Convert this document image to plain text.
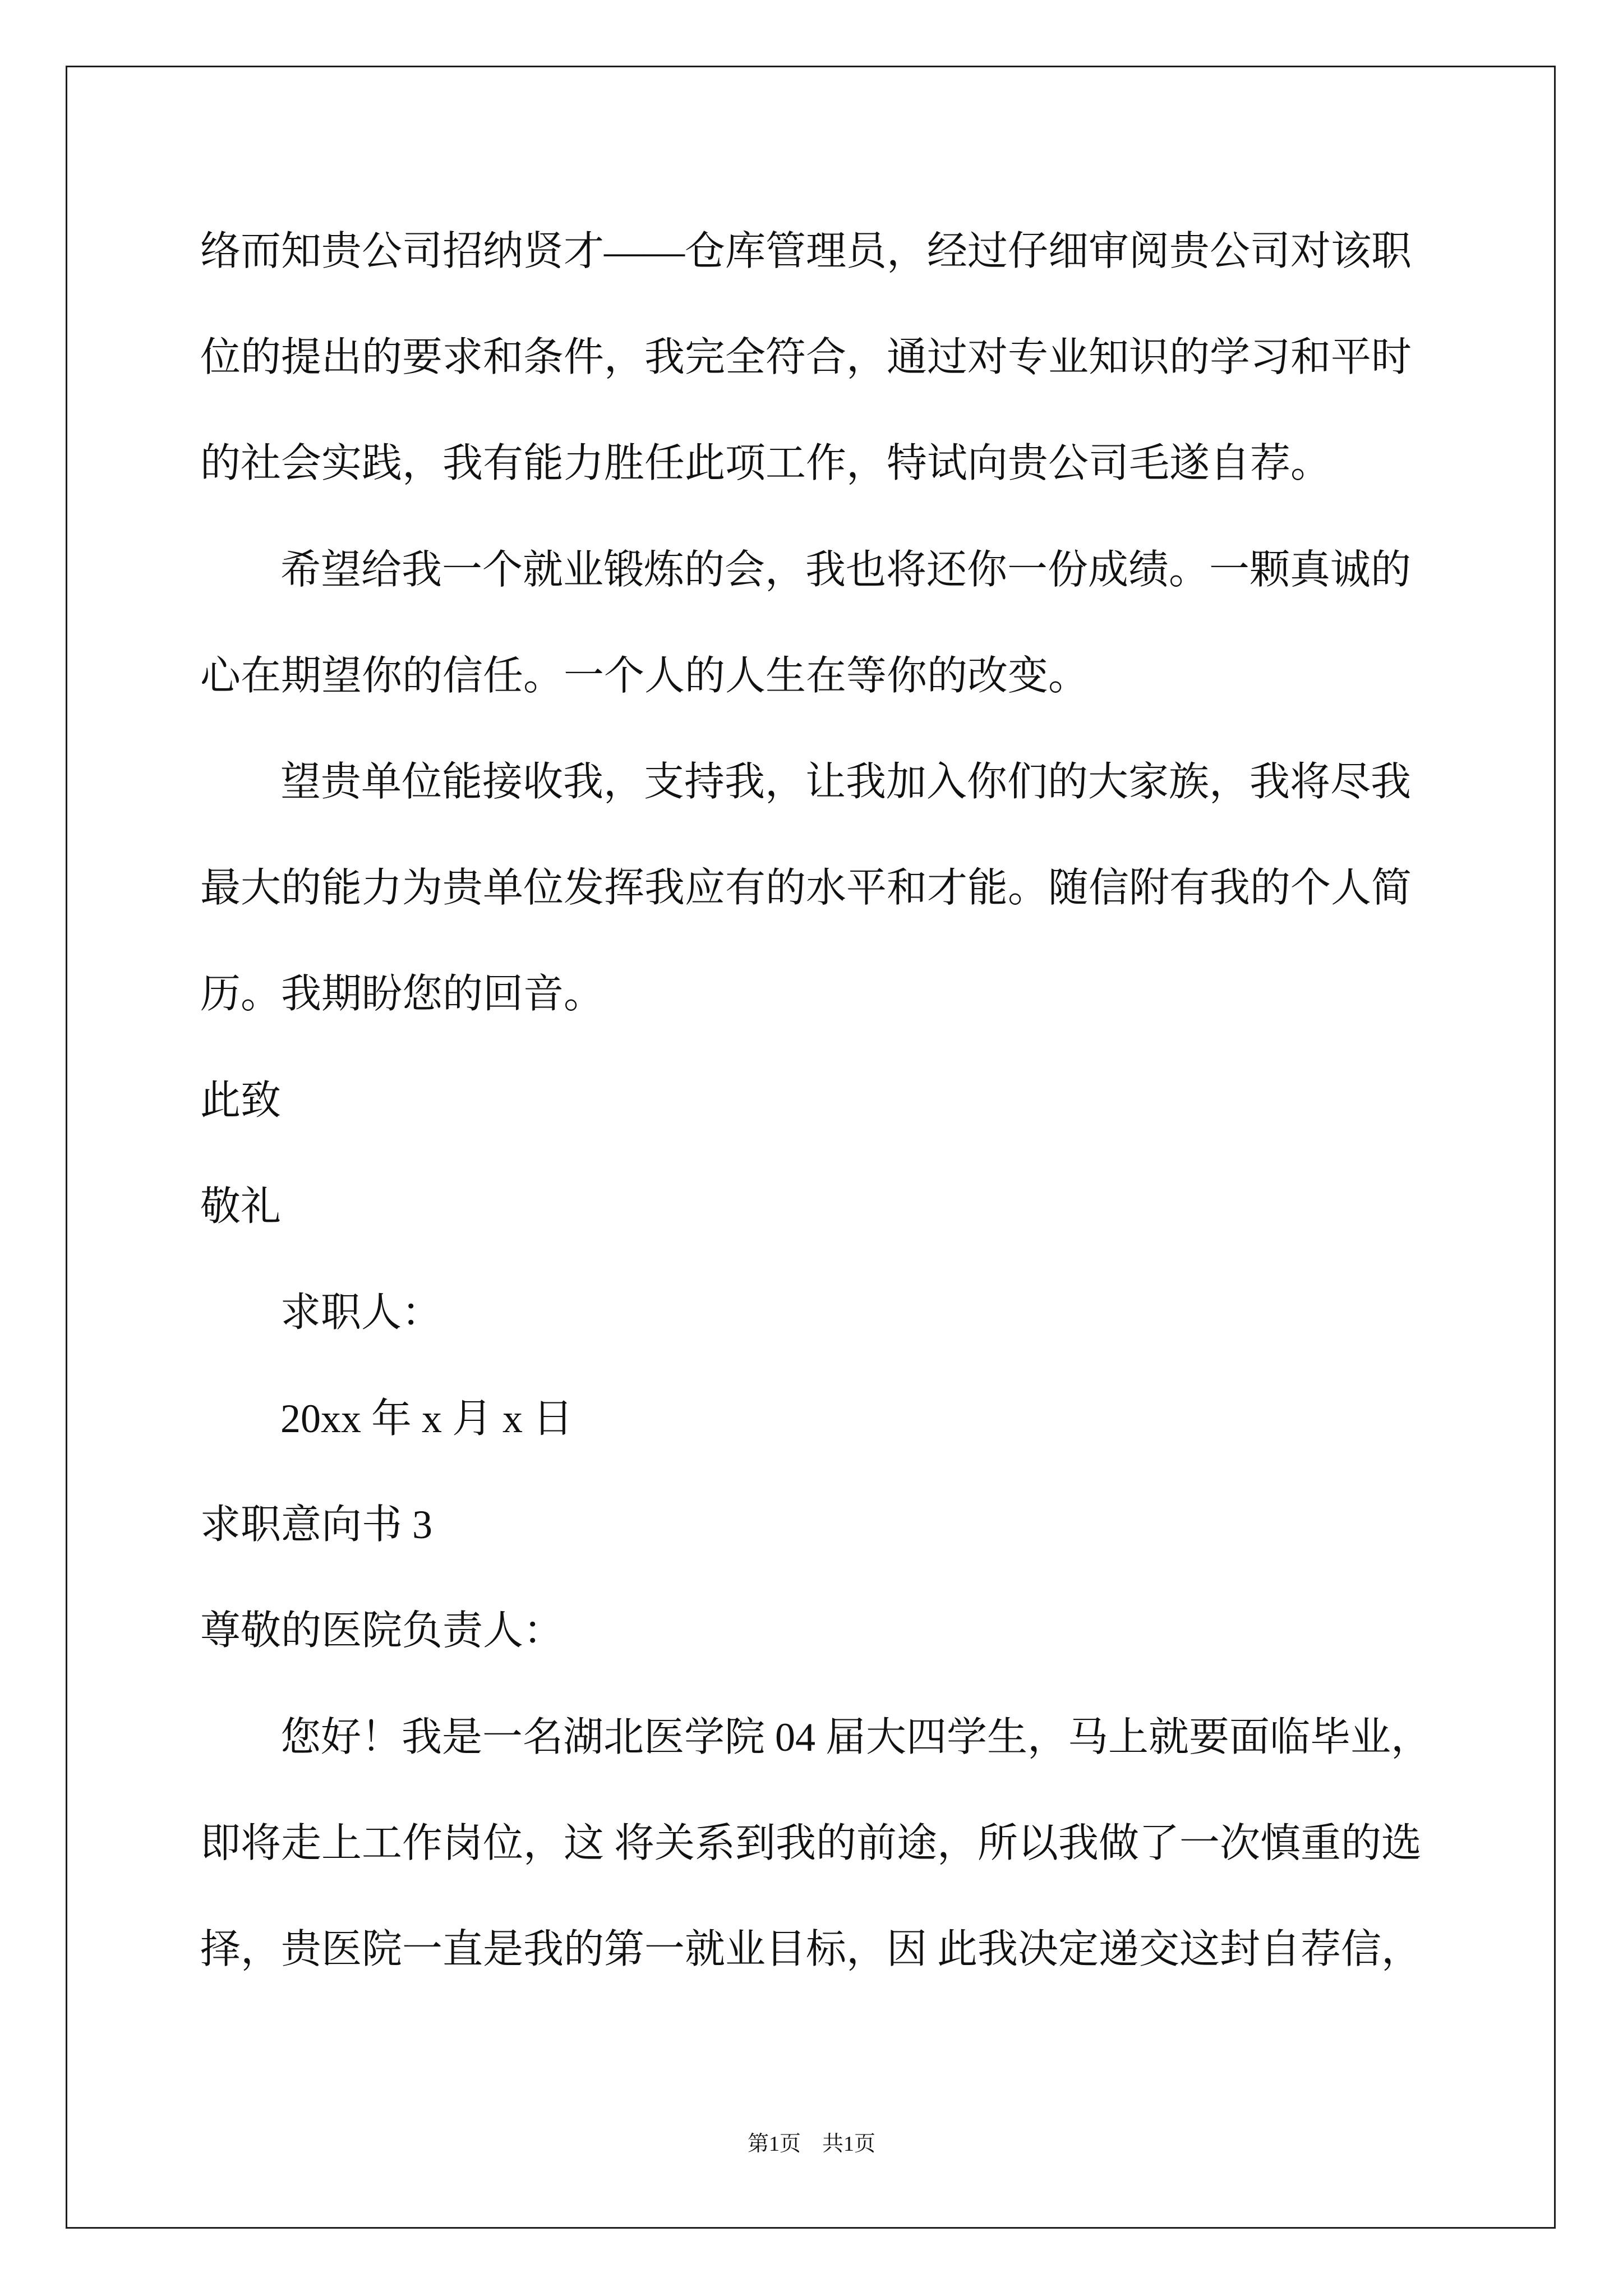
络而知贵公司招纳贤才——仓库管理员，经过仔细审阅贵公司对该职
位的提出的要求和条件，我完全符合，通过对专业知识的学习和平时
的社会实践，我有能力胜任此项工作，特试向贵公司毛遂自荐。
希望给我一个就业锻炼的会，我也将还你一份成绩。一颗真诚的
心在期望你的信任。一个人的人生在等你的改变。
望贵单位能接收我，支持我，让我加入你们的大家族，我将尽我
最大的能力为贵单位发挥我应有的水平和才能。随信附有我的个人简
历。我期盼您的回音。
此致
敬礼
求职人：
20xx 年 x 月 x 日
求职意向书 3
尊敬的医院负责人：
您好！我是一名湖北医学院 04 届大四学生，马上就要面临毕业，
即将走上工作岗位，这 将关系到我的前途，所以我做了一次慎重的选
择，贵医院一直是我的第一就业目标，因 此我决定递交这封自荐信，
第1页　共1页
